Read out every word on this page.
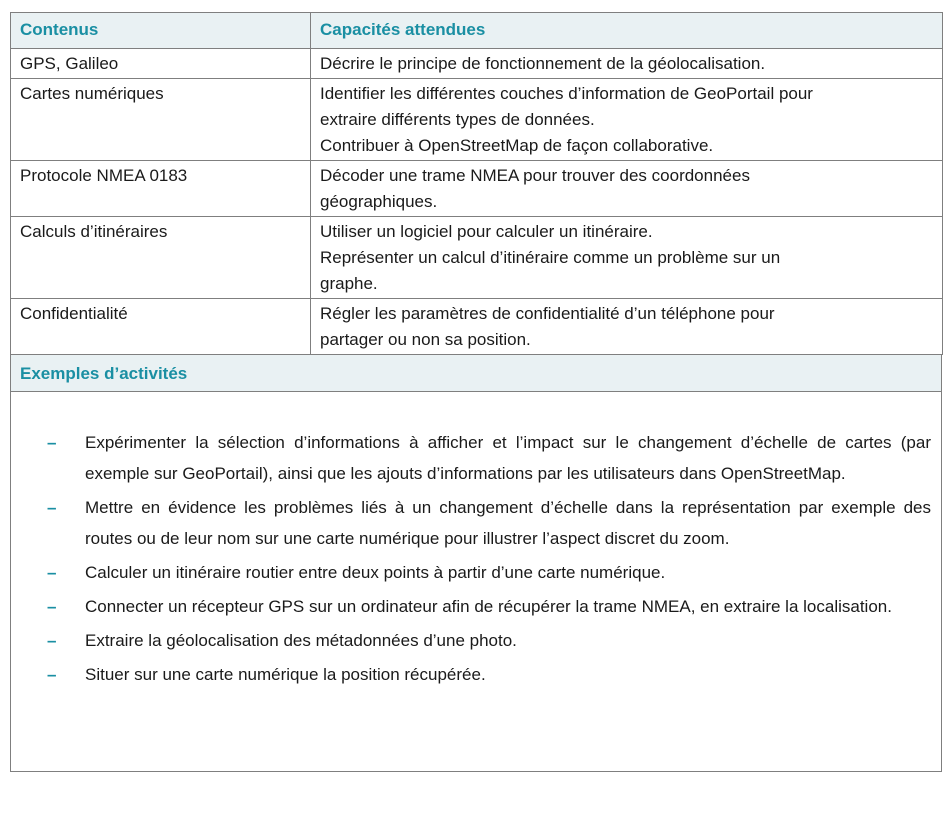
Contenus	Capacités attendues
GPS, Galileo	Décrire le principe de fonctionnement de la géolocalisation.

Cartes numériques	Identifier les différentes couches d’information de GeoPortail pour
extraire différents types de données.
Contribuer à OpenStreetMap de façon collaborative.

Protocole NMEA 0183	Décoder une trame NMEA pour trouver des coordonnées
géographiques.

Calculs d’itinéraires	Utiliser un logiciel pour calculer un itinéraire.
Représenter un calcul d’itinéraire comme un problème sur un
graphe.

Confidentialité	Régler les paramètres de confidentialité d’un téléphone pour
partager ou non sa position.
Exemples d’activités
– Expérimenter la sélection d’informations à afficher et l’impact sur le changement d’échelle de cartes (par exemple sur GeoPortail), ainsi que les ajouts d’informations par les utilisateurs dans OpenStreetMap.
– Mettre en évidence les problèmes liés à un changement d’échelle dans la représentation par exemple des routes ou de leur nom sur une carte numérique pour illustrer l’aspect discret du zoom.
– Calculer un itinéraire routier entre deux points à partir d’une carte numérique.
– Connecter un récepteur GPS sur un ordinateur afin de récupérer la trame NMEA, en extraire la localisation.
– Extraire la géolocalisation des métadonnées d’une photo.
– Situer sur une carte numérique la position récupérée.
